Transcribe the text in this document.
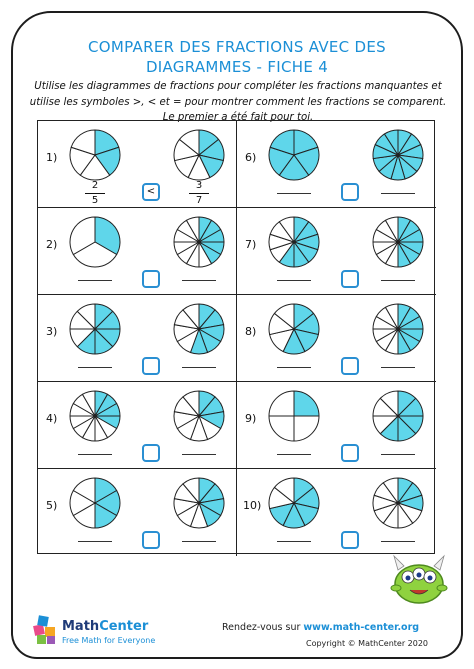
COMPARER DES FRACTIONS AVEC DES
DIAGRAMMES - FICHE 4
Utilise les diagrammes de fractions pour compléter les fractions manquantes et
utilise les symboles >, < et = pour montrer comment les fractions se comparent.
Le premier a été fait pour toi.
1)
2
5
3
7
<
2)
3)
4)
5)
6)
7)
8)
9)
10)
MathCenter
Free Math for Everyone
Rendez-vous sur www.math-center.org
Copyright © MathCenter 2020
